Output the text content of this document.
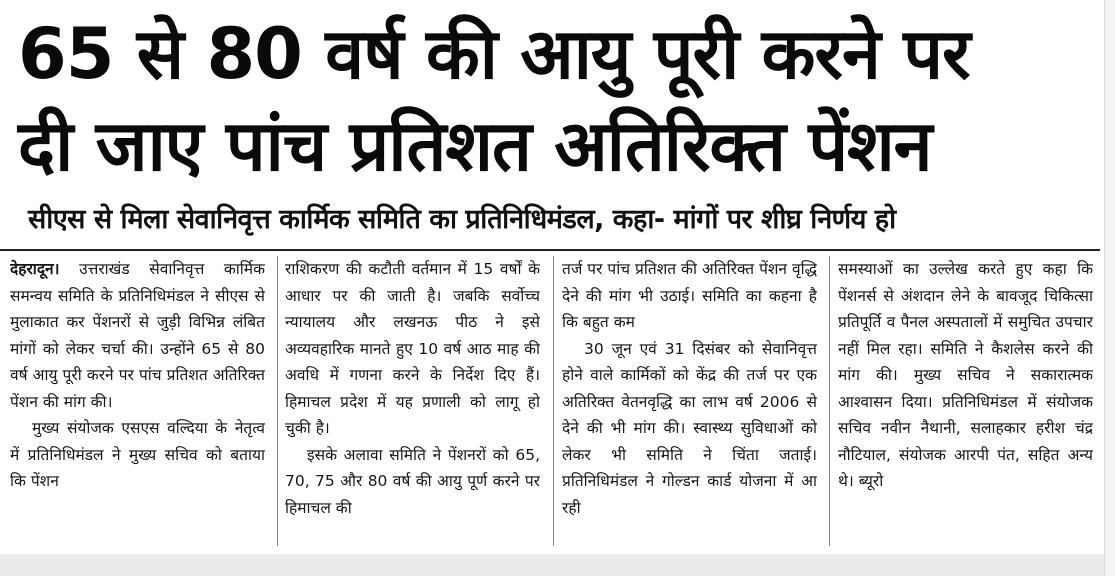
65 से 80 वर्ष की आयु पूरी करने पर
दी जाए पांच प्रतिशत अतिरिक्त पेंशन
सीएस से मिला सेवानिवृत्त कार्मिक समिति का प्रतिनिधिमंडल, कहा- मांगों पर शीघ्र निर्णय हो

देहरादून। उत्तराखंड सेवानिवृत्त कार्मिक समन्वय समिति के प्रतिनिधिमंडल ने सीएस से मुलाकात कर पेंशनरों से जुड़ी विभिन्न लंबित मांगों को लेकर चर्चा की। उन्होंने 65 से 80 वर्ष आयु पूरी करने पर पांच प्रतिशत अतिरिक्त पेंशन की मांग की।

मुख्य संयोजक एसएस वल्दिया के नेतृत्व में प्रतिनिधिमंडल ने मुख्य सचिव को बताया कि पेंशन

राशिकरण की कटौती वर्तमान में 15 वर्षों के आधार पर की जाती है। जबकि सर्वोच्च न्यायालय और लखनऊ पीठ ने इसे अव्यवहारिक मानते हुए 10 वर्ष आठ माह की अवधि में गणना करने के निर्देश दिए हैं। हिमाचल प्रदेश में यह प्रणाली को लागू हो चुकी है।

इसके अलावा समिति ने पेंशनरों को 65, 70, 75 और 80 वर्ष की आयु पूर्ण करने पर हिमाचल की

तर्ज पर पांच प्रतिशत की अतिरिक्त पेंशन वृद्धि देने की मांग भी उठाई। समिति का कहना है कि बहुत कम

30 जून एवं 31 दिसंबर को सेवानिवृत्त होने वाले कार्मिकों को केंद्र की तर्ज पर एक अतिरिक्त वेतनवृद्धि का लाभ वर्ष 2006 से देने की भी मांग की। स्वास्थ्य सुविधाओं को लेकर भी समिति ने चिंता जताई। प्रतिनिधिमंडल ने गोल्डन कार्ड योजना में आ रही

समस्याओं का उल्लेख करते हुए कहा कि पेंशनर्स से अंशदान लेने के बावजूद चिकित्सा प्रतिपूर्ति व पैनल अस्पतालों में समुचित उपचार नहीं मिल रहा। समिति ने कैशलेस करने की मांग की। मुख्य सचिव ने सकारात्मक आश्वासन दिया। प्रतिनिधिमंडल में संयोजक सचिव नवीन नैथानी, सलाहकार हरीश चंद्र नौटियाल, संयोजक आरपी पंत, सहित अन्य थे। ब्यूरो
